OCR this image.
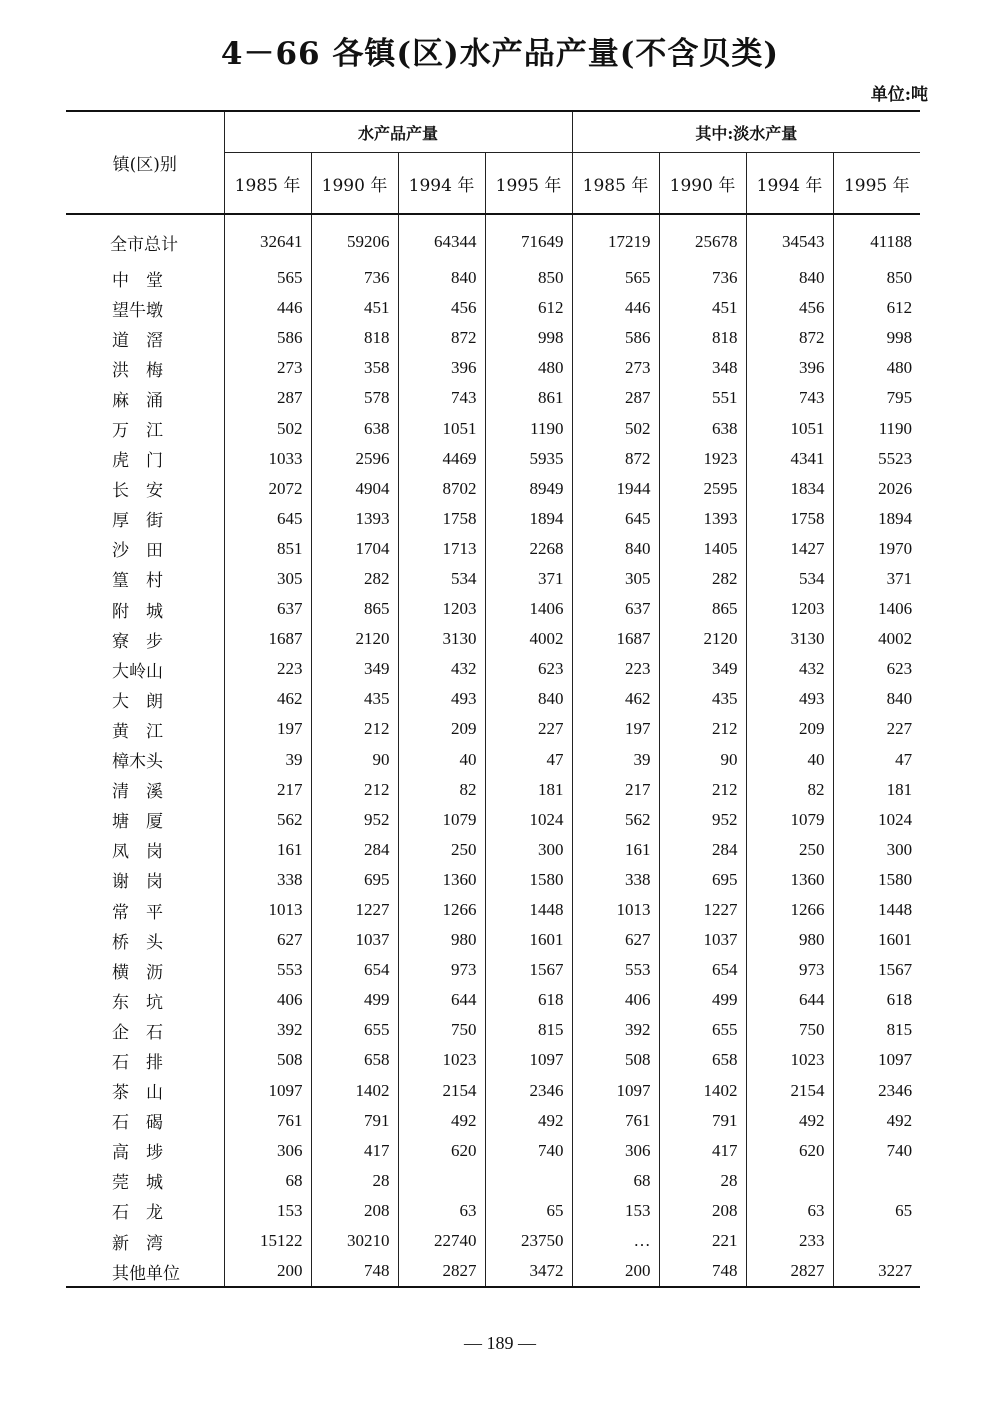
4－66 各镇(区)水产品产量(不含贝类)
单位:吨
镇(区)别	水产品产量				其中:淡水产量			
	1985 年	1990 年	1994 年	1995 年	1985 年	1990 年	1994 年	1995 年
全市总计	32641	59206	64344	71649	17219	25678	34543	41188
中　堂	565	736	840	850	565	736	840	850
望牛墩	446	451	456	612	446	451	456	612
道　滘	586	818	872	998	586	818	872	998
洪　梅	273	358	396	480	273	348	396	480
麻　涌	287	578	743	861	287	551	743	795
万　江	502	638	1051	1190	502	638	1051	1190
虎　门	1033	2596	4469	5935	872	1923	4341	5523
长　安	2072	4904	8702	8949	1944	2595	1834	2026
厚　街	645	1393	1758	1894	645	1393	1758	1894
沙　田	851	1704	1713	2268	840	1405	1427	1970
篁　村	305	282	534	371	305	282	534	371
附　城	637	865	1203	1406	637	865	1203	1406
寮　步	1687	2120	3130	4002	1687	2120	3130	4002
大岭山	223	349	432	623	223	349	432	623
大　朗	462	435	493	840	462	435	493	840
黄　江	197	212	209	227	197	212	209	227
樟木头	39	90	40	47	39	90	40	47
清　溪	217	212	82	181	217	212	82	181
塘　厦	562	952	1079	1024	562	952	1079	1024
凤　岗	161	284	250	300	161	284	250	300
谢　岗	338	695	1360	1580	338	695	1360	1580
常　平	1013	1227	1266	1448	1013	1227	1266	1448
桥　头	627	1037	980	1601	627	1037	980	1601
横　沥	553	654	973	1567	553	654	973	1567
东　坑	406	499	644	618	406	499	644	618
企　石	392	655	750	815	392	655	750	815
石　排	508	658	1023	1097	508	658	1023	1097
茶　山	1097	1402	2154	2346	1097	1402	2154	2346
石　碣	761	791	492	492	761	791	492	492
高　埗	306	417	620	740	306	417	620	740
莞　城	68	28			68	28		
石　龙	153	208	63	65	153	208	63	65
新　湾	15122	30210	22740	23750	…	221	233	
其他单位	200	748	2827	3472	200	748	2827	3227
— 189 —
